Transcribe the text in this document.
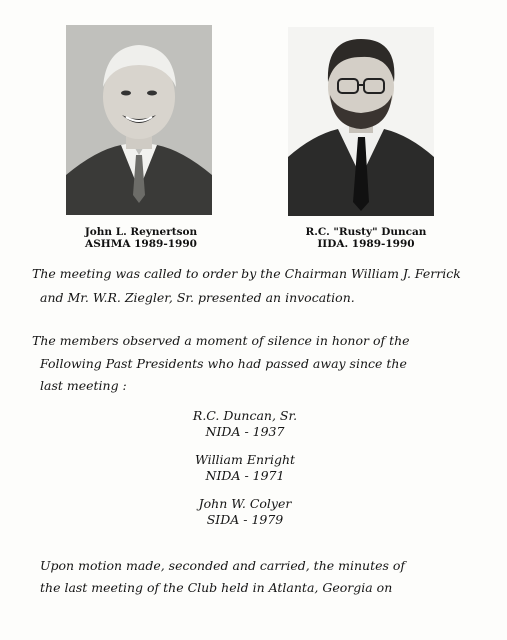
John L. Reynertson
ASHMA 1989-1990
R.C. "Rusty" Duncan
IIDA. 1989-1990
The meeting was called to order by the Chairman William J. Ferrick
and Mr. W.R. Ziegler, Sr. presented an invocation.
The members observed a moment of silence in honor of the
Following Past Presidents who had passed away since the
last meeting :
R.C. Duncan, Sr.
NIDA - 1937
William Enright
NIDA - 1971
John W. Colyer
SIDA - 1979
Upon motion made, seconded and carried, the minutes of
the last meeting of the Club held in Atlanta, Georgia on
